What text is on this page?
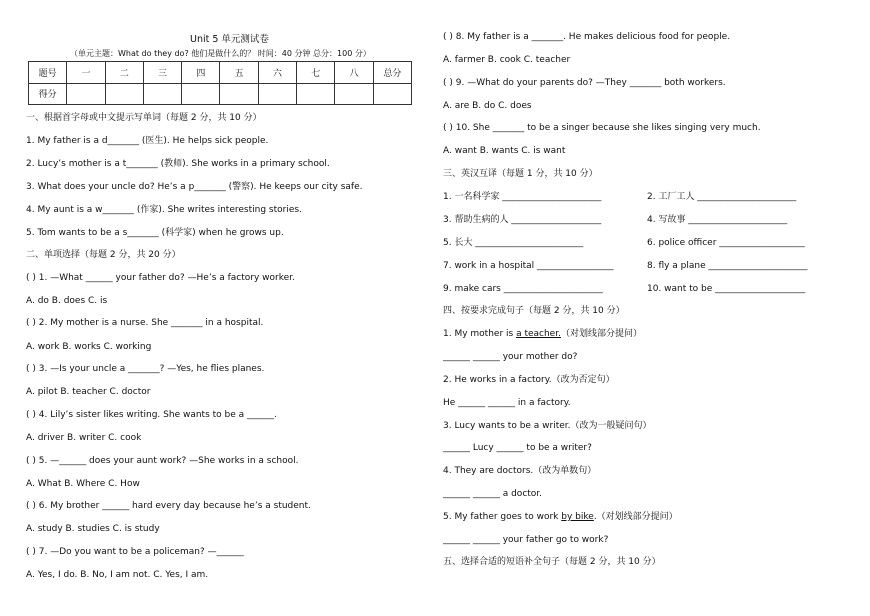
Unit 5 单元测试卷
（单元主题：What do they do? 他们是做什么的？ 时间：40 分钟 总分：100 分）
题号	一	二	三	四	五	六	七	八	总分
得分									
一、根据首字母或中文提示写单词（每题 2 分，共 10 分）
1. My father is a d_______ (医生). He helps sick people.
2. Lucy’s mother is a t_______ (教师). She works in a primary school.
3. What does your uncle do? He’s a p_______ (警察). He keeps our city safe.
4. My aunt is a w_______ (作家). She writes interesting stories.
5. Tom wants to be a s_______ (科学家) when he grows up.
二、单项选择（每题 2 分，共 20 分）
( ) 1. —What ______ your father do? —He’s a factory worker.
A. do B. does C. is
( ) 2. My mother is a nurse. She _______ in a hospital.
A. work B. works C. working
( ) 3. —Is your uncle a _______? —Yes, he flies planes.
A. pilot B. teacher C. doctor
( ) 4. Lily’s sister likes writing. She wants to be a ______.
A. driver B. writer C. cook
( ) 5. —______ does your aunt work? —She works in a school.
A. What B. Where C. How
( ) 6. My brother ______ hard every day because he’s a student.
A. study B. studies C. is study
( ) 7. —Do you want to be a policeman? —______
A. Yes, I do. B. No, I am not. C. Yes, I am.
( ) 8. My father is a _______. He makes delicious food for people.
A. farmer B. cook C. teacher
( ) 9. —What do your parents do? —They _______ both workers.
A. are B. do C. does
( ) 10. She _______ to be a singer because she likes singing very much.
A. want B. wants C. is want
三、英汉互译（每题 1 分，共 10 分）
1. 一名科学家 ______________________	2. 工厂工人 ______________________
3. 帮助生病的人 ____________________	4. 写故事 ______________________
5. 长大 ________________________	6. police officer ___________________
7. work in a hospital _________________	8. fly a plane ______________________
9. make cars ______________________	10. want to be ____________________
四、按要求完成句子（每题 2 分，共 10 分）
1. My mother is a teacher.（对划线部分提问）
______ ______ your mother do?
2. He works in a factory.（改为否定句）
He ______ ______ in a factory.
3. Lucy wants to be a writer.（改为一般疑问句）
______ Lucy ______ to be a writer?
4. They are doctors.（改为单数句）
______ ______ a doctor.
5. My father goes to work by bike.（对划线部分提问）
______ ______ your father go to work?
五、选择合适的短语补全句子（每题 2 分，共 10 分）
